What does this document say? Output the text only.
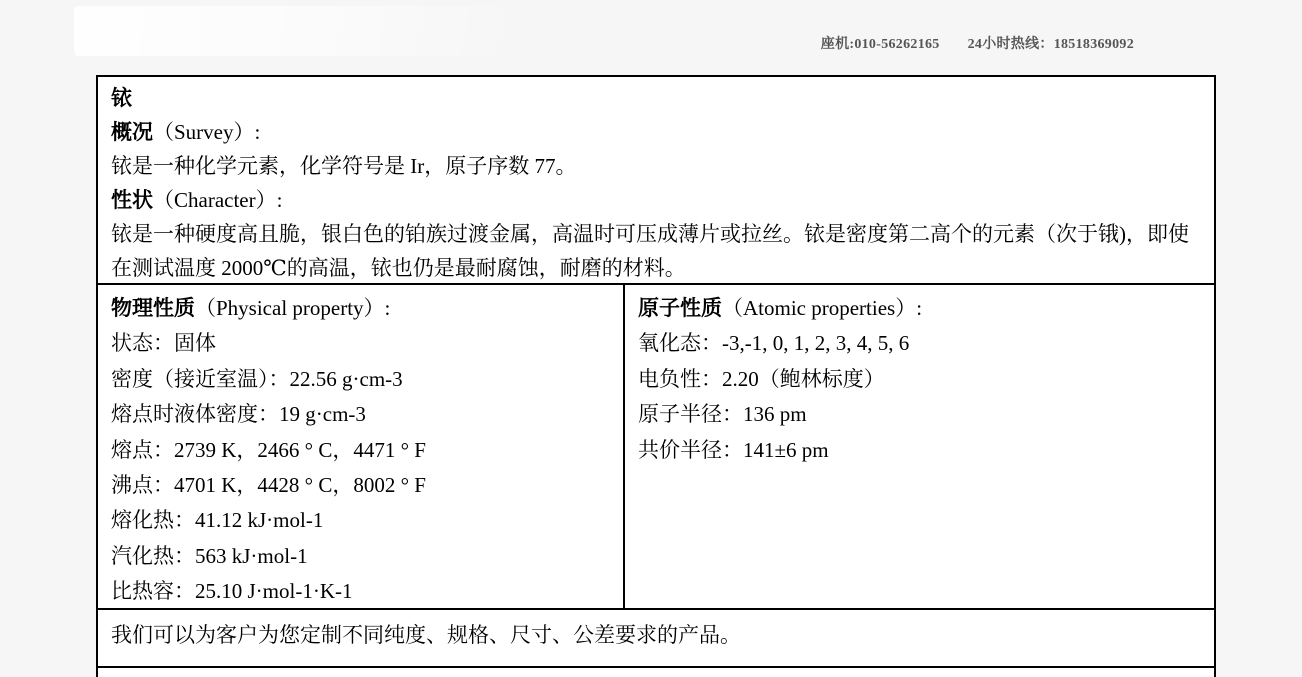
座机:010-56262165 24小时热线：18518369092
铱
概况（Survey）:
铱是一种化学元素，化学符号是 Ir，原子序数 77。
性状（Character）:
铱是一种硬度高且脆，银白色的铂族过渡金属，高温时可压成薄片或拉丝。铱是密度第二高个的元素（次于锇)，即使在测试温度 2000℃的高温，铱也仍是最耐腐蚀，耐磨的材料。
物理性质（Physical property）:
状态：固体
密度（接近室温）：22.56 g·cm-3
熔点时液体密度：19 g·cm-3
熔点：2739 K，2466 ° C，4471 ° F
沸点：4701 K，4428 ° C，8002 ° F
熔化热：41.12 kJ·mol-1
汽化热：563 kJ·mol-1
比热容：25.10 J·mol-1·K-1
原子性质（Atomic properties）:
氧化态：-3,-1, 0, 1, 2, 3, 4, 5, 6
电负性：2.20（鲍林标度）
原子半径：136 pm
共价半径：141±6 pm
我们可以为客户为您定制不同纯度、规格、尺寸、公差要求的产品。
